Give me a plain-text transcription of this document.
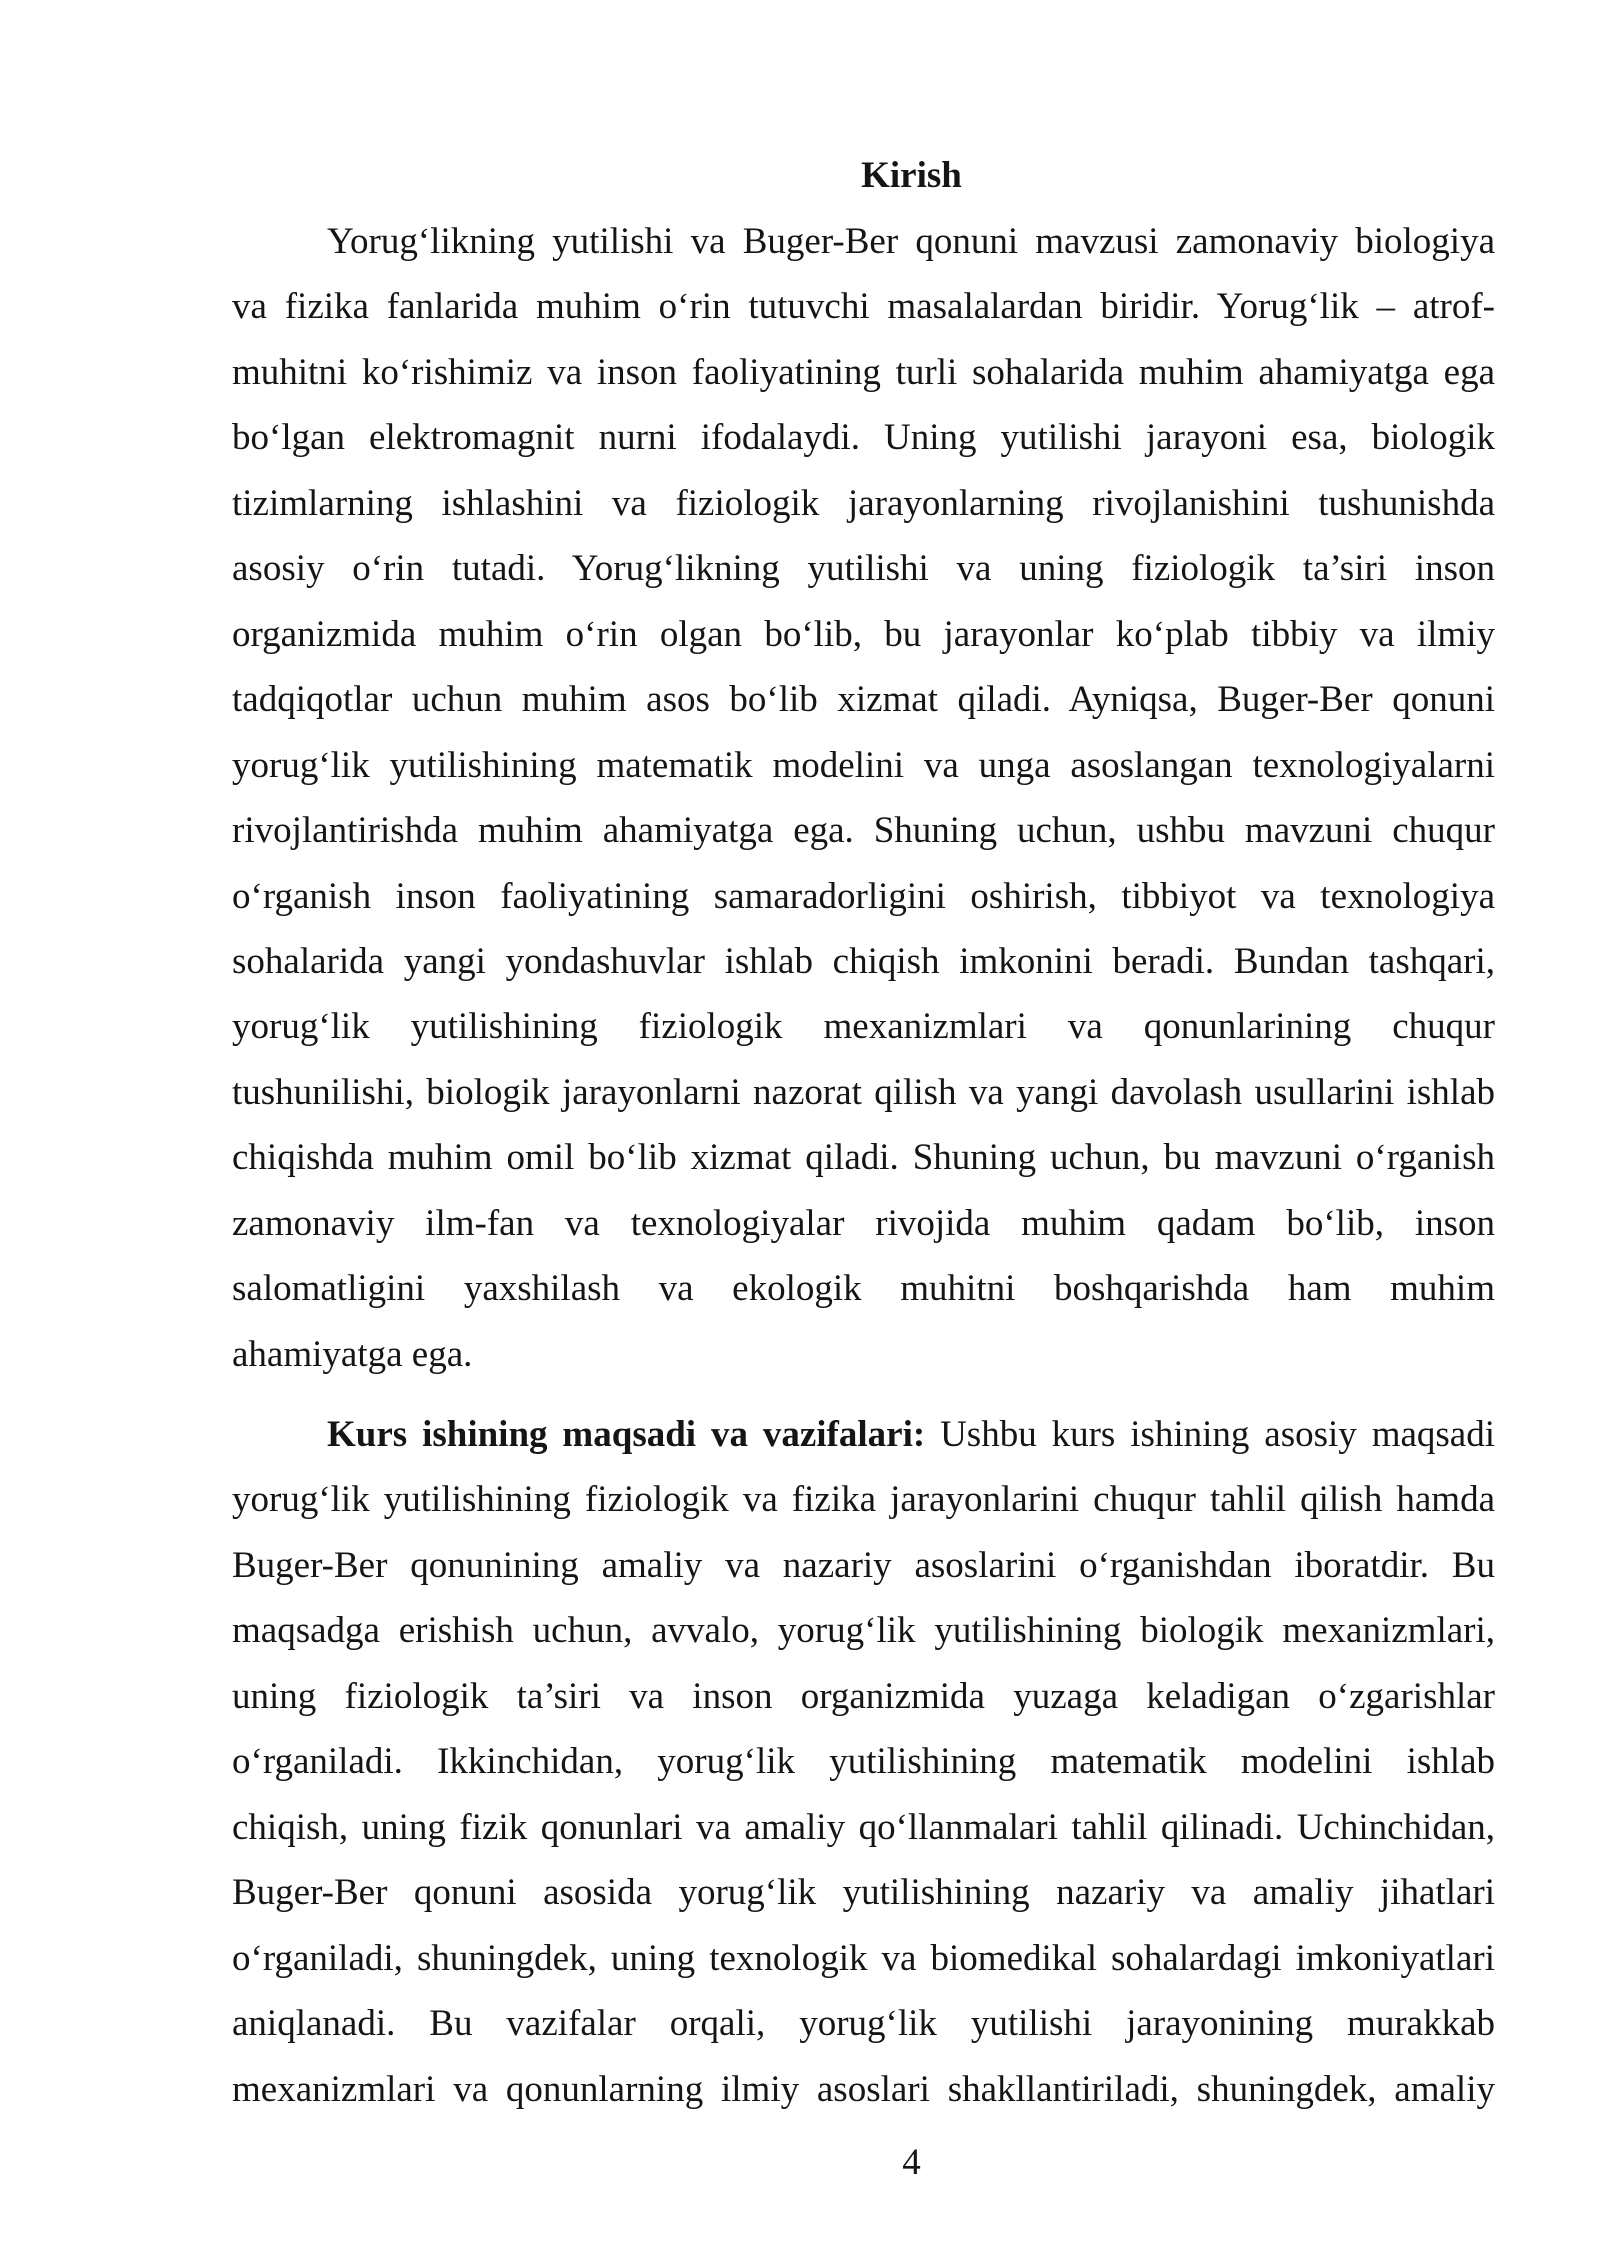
Kirish
Yorug‘likning yutilishi va Buger-Ber qonuni mavzusi zamonaviy biologiya
va fizika fanlarida muhim o‘rin tutuvchi masalalardan biridir. Yorug‘lik – atrof-
muhitni ko‘rishimiz va inson faoliyatining turli sohalarida muhim ahamiyatga ega
bo‘lgan elektromagnit nurni ifodalaydi. Uning yutilishi jarayoni esa, biologik
tizimlarning ishlashini va fiziologik jarayonlarning rivojlanishini tushunishda
asosiy o‘rin tutadi. Yorug‘likning yutilishi va uning fiziologik ta’siri inson
organizmida muhim o‘rin olgan bo‘lib, bu jarayonlar ko‘plab tibbiy va ilmiy
tadqiqotlar uchun muhim asos bo‘lib xizmat qiladi. Ayniqsa, Buger-Ber qonuni
yorug‘lik yutilishining matematik modelini va unga asoslangan texnologiyalarni
rivojlantirishda muhim ahamiyatga ega. Shuning uchun, ushbu mavzuni chuqur
o‘rganish inson faoliyatining samaradorligini oshirish, tibbiyot va texnologiya
sohalarida yangi yondashuvlar ishlab chiqish imkonini beradi. Bundan tashqari,
yorug‘lik yutilishining fiziologik mexanizmlari va qonunlarining chuqur
tushunilishi, biologik jarayonlarni nazorat qilish va yangi davolash usullarini ishlab
chiqishda muhim omil bo‘lib xizmat qiladi. Shuning uchun, bu mavzuni o‘rganish
zamonaviy ilm-fan va texnologiyalar rivojida muhim qadam bo‘lib, inson
salomatligini yaxshilash va ekologik muhitni boshqarishda ham muhim
ahamiyatga ega.
Kurs ishining maqsadi va vazifalari: Ushbu kurs ishining asosiy maqsadi
yorug‘lik yutilishining fiziologik va fizika jarayonlarini chuqur tahlil qilish hamda
Buger-Ber qonunining amaliy va nazariy asoslarini o‘rganishdan iboratdir. Bu
maqsadga erishish uchun, avvalo, yorug‘lik yutilishining biologik mexanizmlari,
uning fiziologik ta’siri va inson organizmida yuzaga keladigan o‘zgarishlar
o‘rganiladi. Ikkinchidan, yorug‘lik yutilishining matematik modelini ishlab
chiqish, uning fizik qonunlari va amaliy qo‘llanmalari tahlil qilinadi. Uchinchidan,
Buger-Ber qonuni asosida yorug‘lik yutilishining nazariy va amaliy jihatlari
o‘rganiladi, shuningdek, uning texnologik va biomedikal sohalardagi imkoniyatlari
aniqlanadi. Bu vazifalar orqali, yorug‘lik yutilishi jarayonining murakkab
mexanizmlari va qonunlarning ilmiy asoslari shakllantiriladi, shuningdek, amaliy
4
